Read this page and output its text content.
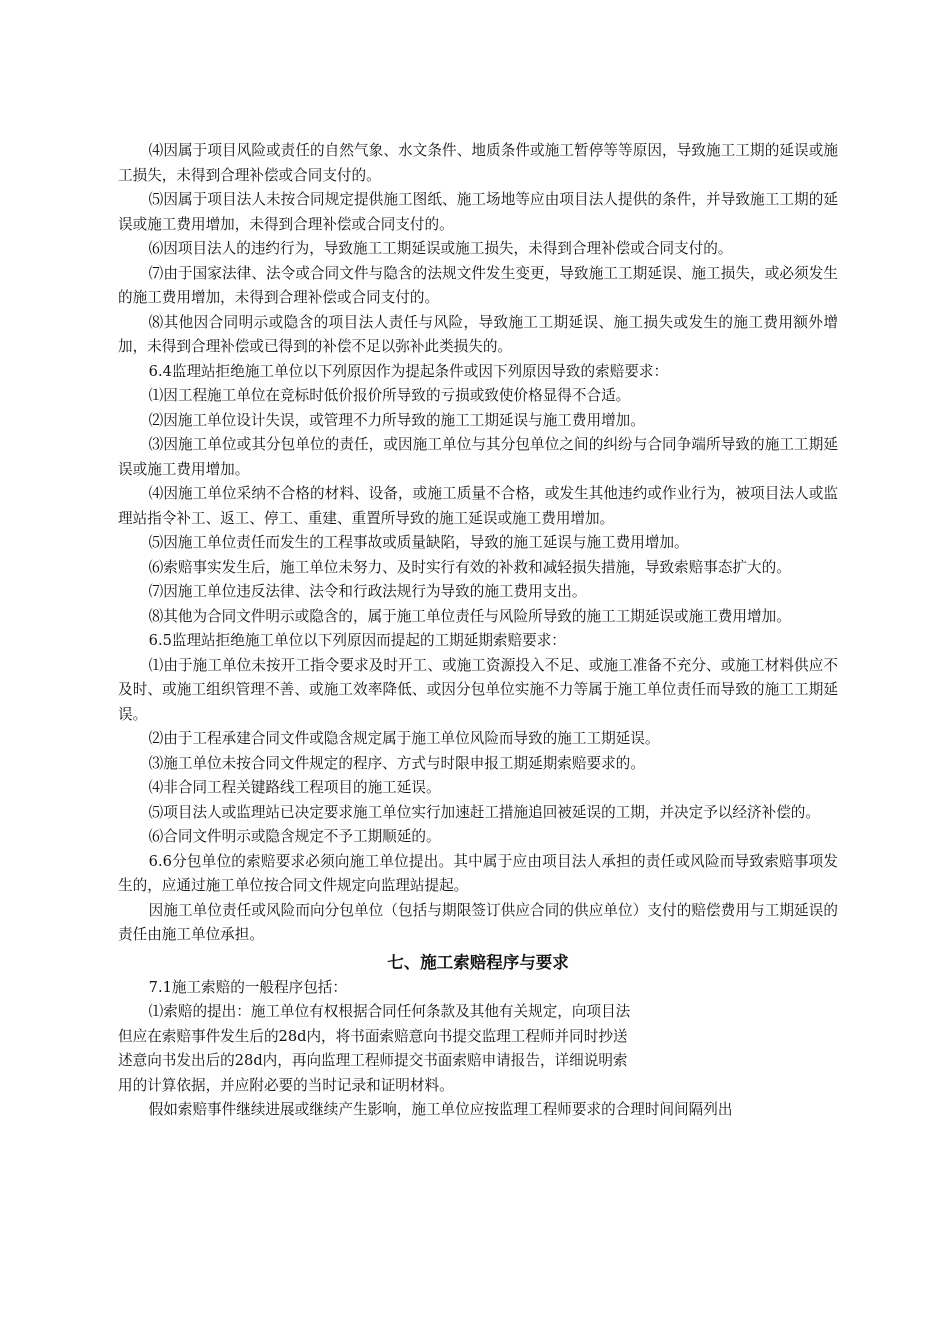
⑷因属于项目风险或责任的自然气象、水文条件、地质条件或施工暂停等等原因，导致施工工期的延误或施工损失，未得到合理补偿或合同支付的。

⑸因属于项目法人未按合同规定提供施工图纸、施工场地等应由项目法人提供的条件，并导致施工工期的延误或施工费用增加，未得到合理补偿或合同支付的。

⑹因项目法人的违约行为，导致施工工期延误或施工损失，未得到合理补偿或合同支付的。

⑺由于国家法律、法令或合同文件与隐含的法规文件发生变更，导致施工工期延误、施工损失，或必须发生的施工费用增加，未得到合理补偿或合同支付的。

⑻其他因合同明示或隐含的项目法人责任与风险，导致施工工期延误、施工损失或发生的施工费用额外增加，未得到合理补偿或已得到的补偿不足以弥补此类损失的。

6.4监理站拒绝施工单位以下列原因作为提起条件或因下列原因导致的索赔要求：

⑴因工程施工单位在竞标时低价报价所导致的亏损或致使价格显得不合适。

⑵因施工单位设计失误，或管理不力所导致的施工工期延误与施工费用增加。

⑶因施工单位或其分包单位的责任，或因施工单位与其分包单位之间的纠纷与合同争端所导致的施工工期延误或施工费用增加。

⑷因施工单位采纳不合格的材料、设备，或施工质量不合格，或发生其他违约或作业行为，被项目法人或监理站指令补工、返工、停工、重建、重置所导致的施工延误或施工费用增加。

⑸因施工单位责任而发生的工程事故或质量缺陷，导致的施工延误与施工费用增加。

⑹索赔事实发生后，施工单位未努力、及时实行有效的补救和减轻损失措施，导致索赔事态扩大的。

⑺因施工单位违反法律、法令和行政法规行为导致的施工费用支出。

⑻其他为合同文件明示或隐含的，属于施工单位责任与风险所导致的施工工期延误或施工费用增加。

6.5监理站拒绝施工单位以下列原因而提起的工期延期索赔要求：

⑴由于施工单位未按开工指令要求及时开工、或施工资源投入不足、或施工准备不充分、或施工材料供应不及时、或施工组织管理不善、或施工效率降低、或因分包单位实施不力等属于施工单位责任而导致的施工工期延误。

⑵由于工程承建合同文件或隐含规定属于施工单位风险而导致的施工工期延误。

⑶施工单位未按合同文件规定的程序、方式与时限申报工期延期索赔要求的。

⑷非合同工程关键路线工程项目的施工延误。

⑸项目法人或监理站已决定要求施工单位实行加速赶工措施追回被延误的工期，并决定予以经济补偿的。

⑹合同文件明示或隐含规定不予工期顺延的。

6.6分包单位的索赔要求必须向施工单位提出。其中属于应由项目法人承担的责任或风险而导致索赔事项发生的，应通过施工单位按合同文件规定向监理站提起。

因施工单位责任或风险而向分包单位（包括与期限签订供应合同的供应单位）支付的赔偿费用与工期延误的责任由施工单位承担。

七、施工索赔程序与要求

7.1施工索赔的一般程序包括：

⑴索赔的提出：施工单位有权根据合同任何条款及其他有关规定，向项目法

但应在索赔事件发生后的28d内，将书面索赔意向书提交监理工程师并同时抄送

述意向书发出后的28d内，再向监理工程师提交书面索赔申请报告，详细说明索

用的计算依据，并应附必要的当时记录和证明材料。

假如索赔事件继续进展或继续产生影响，施工单位应按监理工程师要求的合理时间间隔列出
